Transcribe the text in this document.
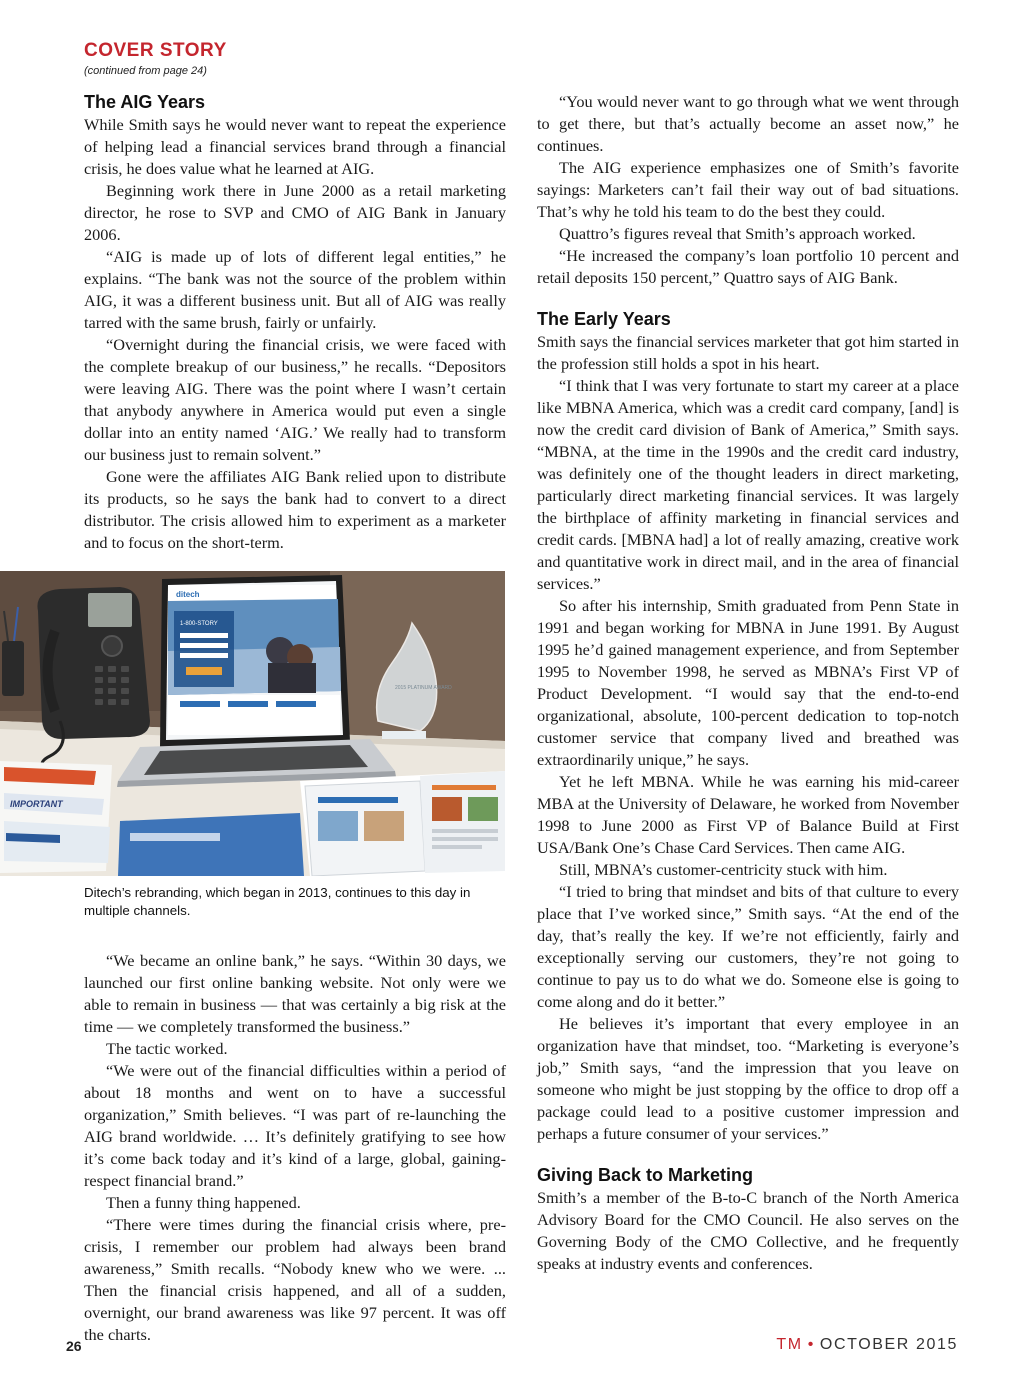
COVER STORY
(continued from page 24)
The AIG Years

While Smith says he would never want to repeat the experience of helping lead a financial services brand through a financial crisis, he does value what he learned at AIG.

Beginning work there in June 2000 as a retail marketing director, he rose to SVP and CMO of AIG Bank in January 2006.

“AIG is made up of lots of different legal entities,” he explains. “The bank was not the source of the problem within AIG, it was a different business unit. But all of AIG was really tarred with the same brush, fairly or unfairly.

“Overnight during the financial crisis, we were faced with the complete breakup of our business,” he recalls. “Depositors were leaving AIG. There was the point where I wasn’t certain that anybody anywhere in America would put even a single dollar into an entity named ‘AIG.’ We really had to transform our business just to remain solvent.”

Gone were the affiliates AIG Bank relied upon to distribute its products, so he says the bank had to convert to a direct distributor. The crisis allowed him to experiment as a marketer and to focus on the short-term.

ditech
1-800-STORY
2015 PLATINUM AWARD
IMPORTANT
Ditech’s rebranding, which began in 2013, continues to this day in multiple channels.

“We became an online bank,” he says. “Within 30 days, we launched our first online banking website. Not only were we able to remain in business — that was certainly a big risk at the time — we completely transformed the business.”

The tactic worked.

“We were out of the financial difficulties within a period of about 18 months and went on to have a successful organization,” Smith believes. “I was part of re-launching the AIG brand worldwide. … It’s definitely gratifying to see how it’s come back today and it’s kind of a large, global, gaining-respect financial brand.”

Then a funny thing happened.

“There were times during the financial crisis where, pre-crisis, I remember our problem had always been brand awareness,” Smith recalls. “Nobody knew who we were. ... Then the financial crisis happened, and all of a sudden, overnight, our brand awareness was like 97 percent. It was off the charts.

“You would never want to go through what we went through to get there, but that’s actually become an asset now,” he continues.

The AIG experience emphasizes one of Smith’s favorite sayings: Marketers can’t fail their way out of bad situations. That’s why he told his team to do the best they could.

Quattro’s figures reveal that Smith’s approach worked.

“He increased the company’s loan portfolio 10 percent and retail deposits 150 percent,” Quattro says of AIG Bank.

The Early Years

Smith says the financial services marketer that got him started in the profession still holds a spot in his heart.

“I think that I was very fortunate to start my career at a place like MBNA America, which was a credit card company, [and] is now the credit card division of Bank of America,” Smith says. “MBNA, at the time in the 1990s and the credit card industry, was definitely one of the thought leaders in direct marketing, particularly direct marketing financial services. It was largely the birthplace of affinity marketing in financial services and credit cards. [MBNA had] a lot of really amazing, creative work and quantitative work in direct mail, and in the area of financial services.”

So after his internship, Smith graduated from Penn State in 1991 and began working for MBNA in June 1991. By August 1995 he’d gained management experience, and from September 1995 to November 1998, he served as MBNA’s First VP of Product Development. “I would say that the end-to-end organizational, absolute, 100-percent dedication to top-notch customer service that company lived and breathed was extraordinarily unique,” he says.

Yet he left MBNA. While he was earning his mid-career MBA at the University of Delaware, he worked from November 1998 to June 2000 as First VP of Balance Build at First USA/Bank One’s Chase Card Services. Then came AIG.

Still, MBNA’s customer-centricity stuck with him.

“I tried to bring that mindset and bits of that culture to every place that I’ve worked since,” Smith says. “At the end of the day, that’s really the key. If we’re not efficiently, fairly and exceptionally serving our customers, they’re not going to continue to pay us to do what we do. Someone else is going to come along and do it better.”

He believes it’s important that every employee in an organization have that mindset, too. “Marketing is everyone’s job,” Smith says, “and the impression that you leave on someone who might be just stopping by the office to drop off a package could lead to a positive customer impression and perhaps a future consumer of your services.”

Giving Back to Marketing

Smith’s a member of the B-to-C branch of the North America Advisory Board for the CMO Council. He also serves on the Governing Body of the CMO Collective, and he frequently speaks at industry events and conferences.

26	TM • OCTOBER 2015
